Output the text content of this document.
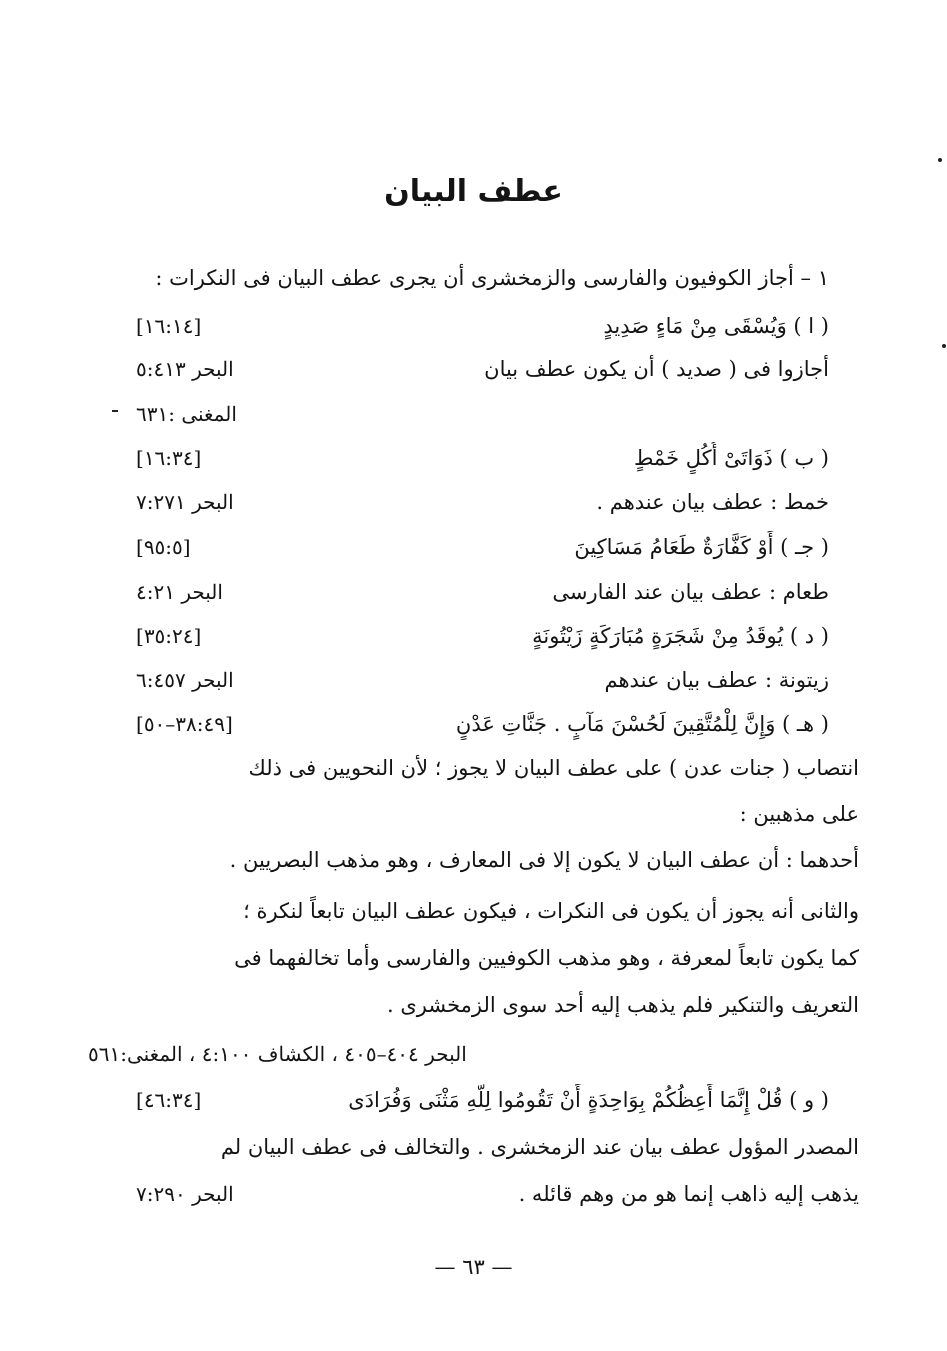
عطف البيان
١ – أجاز الكوفيون والفارسى والزمخشرى أن يجرى عطف البيان فى النكرات :
( ا ) وَيُسْقَى مِنْ مَاءٍ صَدِيدٍ
[١٦:١٤]
أجازوا فى ( صديد ) أن يكون عطف بيان
البحر ٥:٤١٣
المغنى :٦٣١
( ب ) ذَوَاتَىْ أُكُلٍ خَمْطٍ
[١٦:٣٤]
خمط : عطف بيان عندهم .
البحر ٧:٢٧١
( جـ ) أَوْ كَفَّارَةٌ طَعَامُ مَسَاكِينَ
[٩٥:٥]
طعام : عطف بيان عند الفارسى
البحر ٤:٢١
( د ) يُوقَدُ مِنْ شَجَرَةٍ مُبَارَكَةٍ زَيْتُونَةٍ
[٣٥:٢٤]
زيتونة : عطف بيان عندهم
البحر ٦:٤٥٧
( هـ ) وَإِنَّ لِلْمُتَّقِينَ لَحُسْنَ مَآبٍ . جَنَّاتِ عَدْنٍ
[٣٨:٤٩–٥٠]
انتصاب ( جنات عدن ) على عطف البيان لا يجوز ؛ لأن النحويين فى ذلك
على مذهبين :
أحدهما : أن عطف البيان لا يكون إلا فى المعارف ، وهو مذهب البصريين .
والثانى أنه يجوز أن يكون فى النكرات ، فيكون عطف البيان تابعاً لنكرة ؛
كما يكون تابعاً لمعرفة ، وهو مذهب الكوفيين والفارسى وأما تخالفهما فى
التعريف والتنكير فلم يذهب إليه أحد سوى الزمخشرى .
البحر ٤٠٤–٤٠٥ ، الكشاف ٤:١٠٠ ، المغنى:٥٦١
( و ) قُلْ إِنَّمَا أَعِظُكُمْ بِوَاحِدَةٍ أَنْ تَقُومُوا لِلّهِ مَثْنَى وَفُرَادَى
[٤٦:٣٤]
المصدر المؤول عطف بيان عند الزمخشرى . والتخالف فى عطف البيان لم
يذهب إليه ذاهب إنما هو من وهم قائله .
البحر ٧:٢٩٠
— ٦٣ —
